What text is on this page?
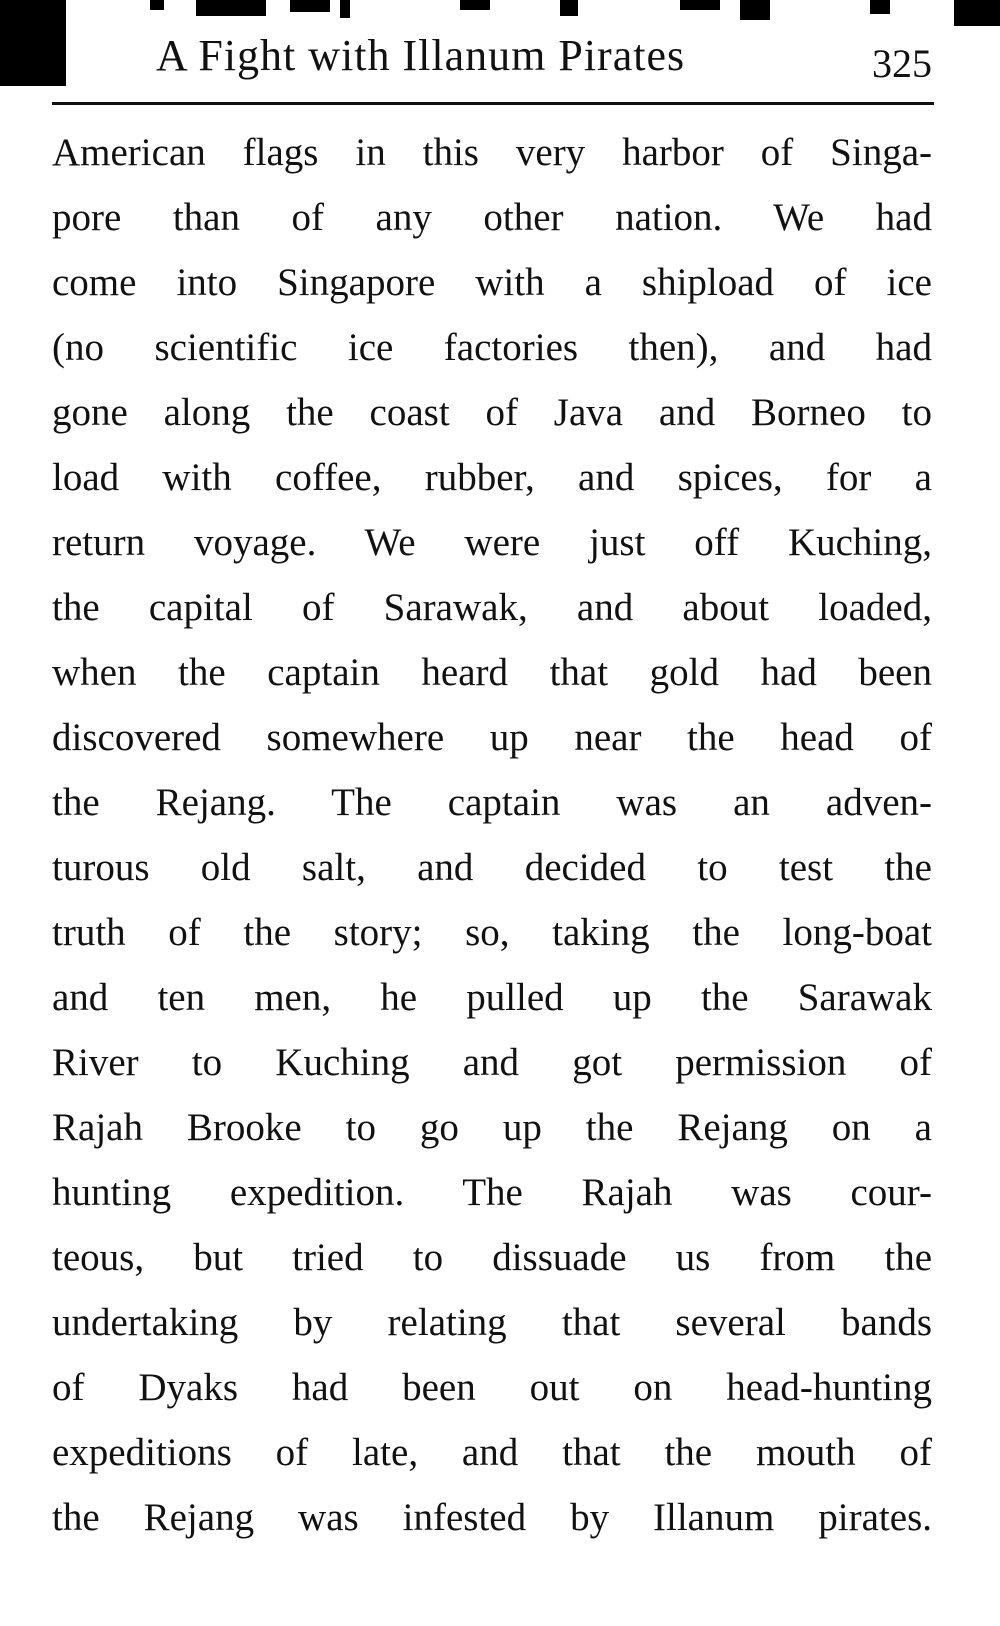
A Fight with Illanum Pirates	325
American flags in this very harbor of Singa-
pore than of any other nation. We had
come into Singapore with a shipload of ice
(no scientific ice factories then), and had
gone along the coast of Java and Borneo to
load with coffee, rubber, and spices, for a
return voyage. We were just off Kuching,
the capital of Sarawak, and about loaded,
when the captain heard that gold had been
discovered somewhere up near the head of
the Rejang. The captain was an adven-
turous old salt, and decided to test the
truth of the story; so, taking the long-boat
and ten men, he pulled up the Sarawak
River to Kuching and got permission of
Rajah Brooke to go up the Rejang on a
hunting expedition. The Rajah was cour-
teous, but tried to dissuade us from the
undertaking by relating that several bands
of Dyaks had been out on head-hunting
expeditions of late, and that the mouth of
the Rejang was infested by Illanum pirates.
